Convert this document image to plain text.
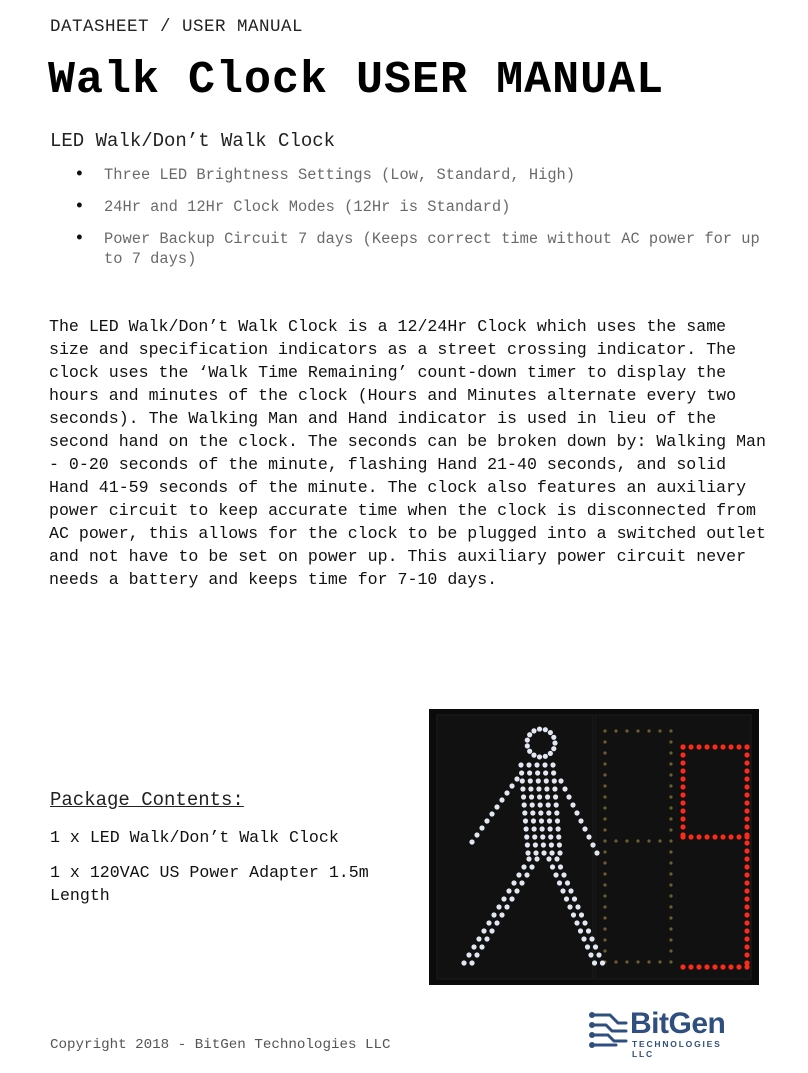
DATASHEET / USER MANUAL
Walk Clock USER MANUAL
LED Walk/Don’t Walk Clock
• Three LED Brightness Settings (Low, Standard, High)
• 24Hr and 12Hr Clock Modes (12Hr is Standard)
• Power Backup Circuit 7 days (Keeps correct time without AC power for up to 7 days)

The LED Walk/Don’t Walk Clock is a 12/24Hr Clock which uses the same size and specification indicators as a street crossing indicator. The clock uses the ‘Walk Time Remaining’ count-down timer to display the hours and minutes of the clock (Hours and Minutes alternate every two seconds). The Walking Man and Hand indicator is used in lieu of the second hand on the clock. The seconds can be broken down by: Walking Man - 0-20 seconds of the minute, flashing Hand 21-40 seconds, and solid Hand 41-59 seconds of the minute. The clock also features an auxiliary power circuit to keep accurate time when the clock is disconnected from AC power, this allows for the clock to be plugged into a switched outlet and not have to be set on power up. This auxiliary power circuit never needs a battery and keeps time for 7-10 days.

Package Contents:
1 x LED Walk/Don’t Walk Clock
1 x 120VAC US Power Adapter 1.5m Length
Copyright 2018 - BitGen Technologies LLC
BitGen
TECHNOLOGIES LLC
